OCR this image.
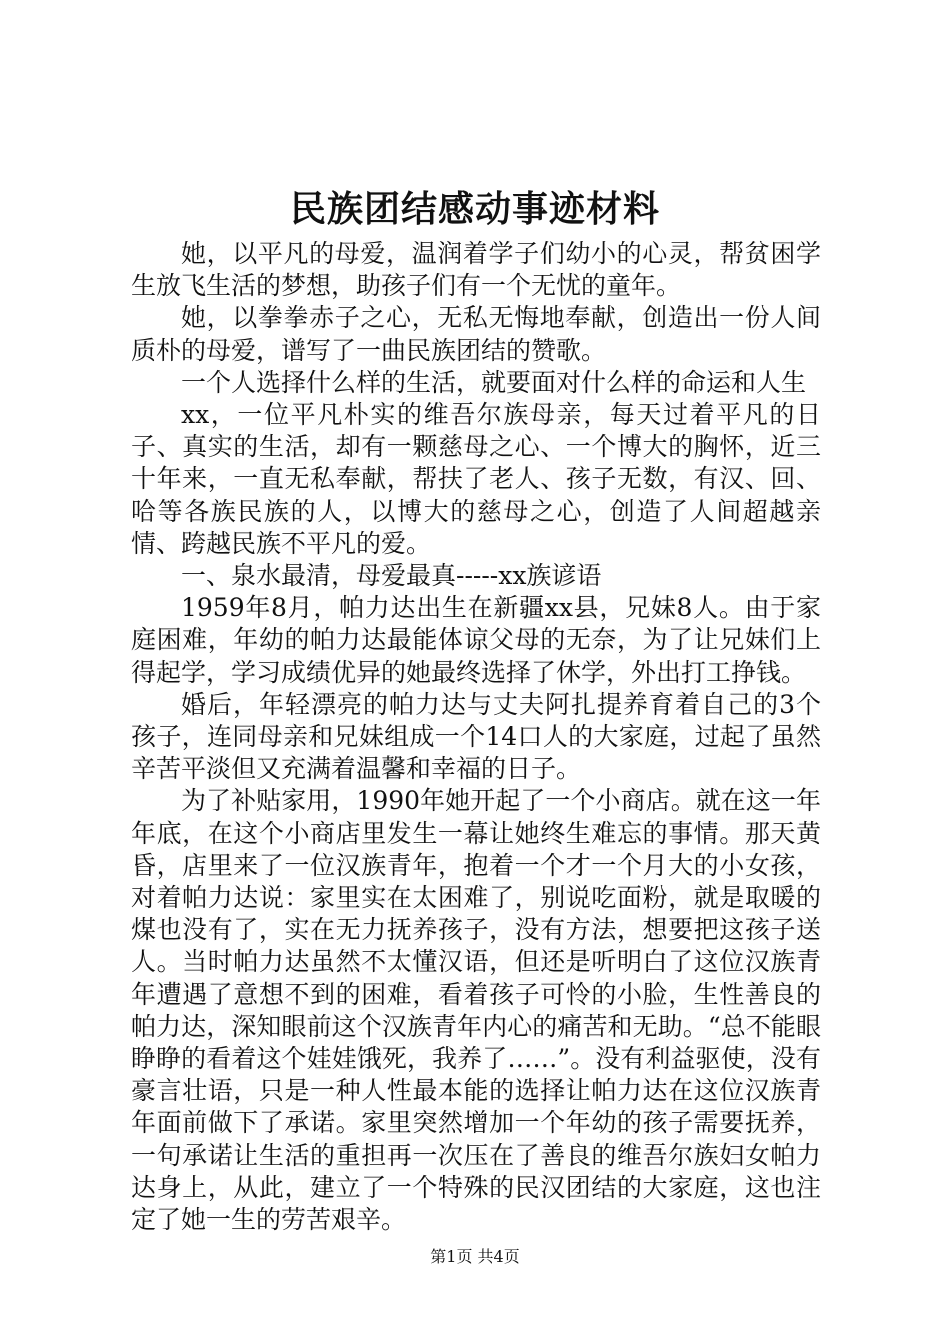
民族团结感动事迹材料

她，以平凡的母爱，温润着学子们幼小的心灵，帮贫困学生放飞生活的梦想，助孩子们有一个无忧的童年。

她，以拳拳赤子之心，无私无悔地奉献，创造出一份人间质朴的母爱，谱写了一曲民族团结的赞歌。

一个人选择什么样的生活，就要面对什么样的命运和人生

xx，一位平凡朴实的维吾尔族母亲，每天过着平凡的日子、真实的生活，却有一颗慈母之心、一个博大的胸怀，近三十年来，一直无私奉献，帮扶了老人、孩子无数，有汉、回、哈等各族民族的人，以博大的慈母之心，创造了人间超越亲情、跨越民族不平凡的爱。

一、泉水最清，母爱最真-----xx族谚语

1959年8月，帕力达出生在新疆xx县，兄妹8人。由于家庭困难，年幼的帕力达最能体谅父母的无奈，为了让兄妹们上得起学，学习成绩优异的她最终选择了休学，外出打工挣钱。

婚后，年轻漂亮的帕力达与丈夫阿扎提养育着自己的3个孩子，连同母亲和兄妹组成一个14口人的大家庭，过起了虽然辛苦平淡但又充满着温馨和幸福的日子。

为了补贴家用，1990年她开起了一个小商店。就在这一年年底，在这个小商店里发生一幕让她终生难忘的事情。那天黄昏，店里来了一位汉族青年，抱着一个才一个月大的小女孩，对着帕力达说：家里实在太困难了，别说吃面粉，就是取暖的煤也没有了，实在无力抚养孩子，没有方法，想要把这孩子送人。当时帕力达虽然不太懂汉语，但还是听明白了这位汉族青年遭遇了意想不到的困难，看着孩子可怜的小脸，生性善良的帕力达，深知眼前这个汉族青年内心的痛苦和无助。“总不能眼睁睁的看着这个娃娃饿死，我养了……”。没有利益驱使，没有豪言壮语，只是一种人性最本能的选择让帕力达在这位汉族青年面前做下了承诺。家里突然增加一个年幼的孩子需要抚养，一句承诺让生活的重担再一次压在了善良的维吾尔族妇女帕力达身上，从此，建立了一个特殊的民汉团结的大家庭，这也注定了她一生的劳苦艰辛。

第1页 共4页
